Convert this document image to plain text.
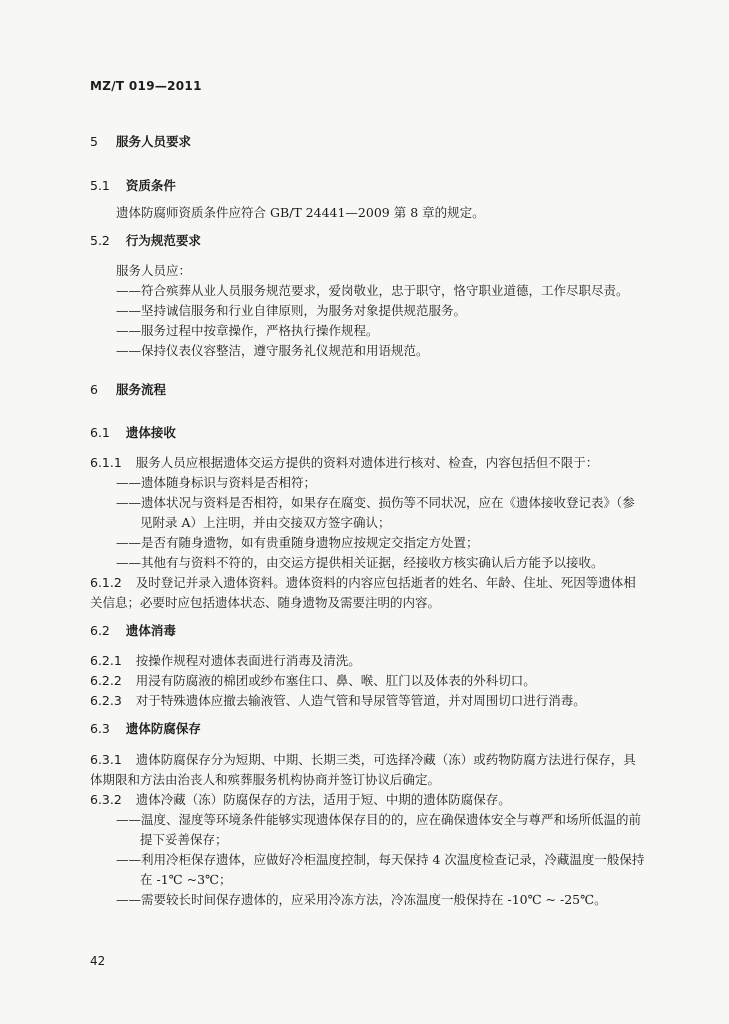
MZ/T 019—2011
5 服务人员要求
5.1 资质条件
遗体防腐师资质条件应符合 GB/T 24441—2009 第 8 章的规定。
5.2 行为规范要求
服务人员应：
——符合殡葬从业人员服务规范要求，爱岗敬业，忠于职守，恪守职业道德，工作尽职尽责。
——坚持诚信服务和行业自律原则，为服务对象提供规范服务。
——服务过程中按章操作，严格执行操作规程。
——保持仪表仪容整洁，遵守服务礼仪规范和用语规范。
6 服务流程
6.1 遗体接收
6.1.1 服务人员应根据遗体交运方提供的资料对遗体进行核对、检查，内容包括但不限于：
——遗体随身标识与资料是否相符；
——遗体状况与资料是否相符，如果存在腐变、损伤等不同状况，应在《遗体接收登记表》（参
见附录 A）上注明，并由交接双方签字确认；
——是否有随身遗物，如有贵重随身遗物应按规定交指定方处置；
——其他有与资料不符的，由交运方提供相关证据，经接收方核实确认后方能予以接收。
6.1.2 及时登记并录入遗体资料。遗体资料的内容应包括逝者的姓名、年龄、住址、死因等遗体相
关信息；必要时应包括遗体状态、随身遗物及需要注明的内容。
6.2 遗体消毒
6.2.1 按操作规程对遗体表面进行消毒及清洗。
6.2.2 用浸有防腐液的棉团或纱布塞住口、鼻、喉、肛门以及体表的外科切口。
6.2.3 对于特殊遗体应撤去输液管、人造气管和导尿管等管道，并对周围切口进行消毒。
6.3 遗体防腐保存
6.3.1 遗体防腐保存分为短期、中期、长期三类，可选择冷藏（冻）或药物防腐方法进行保存，具
体期限和方法由治丧人和殡葬服务机构协商并签订协议后确定。
6.3.2 遗体冷藏（冻）防腐保存的方法，适用于短、中期的遗体防腐保存。
——温度、湿度等环境条件能够实现遗体保存目的的，应在确保遗体安全与尊严和场所低温的前
提下妥善保存；
——利用冷柜保存遗体，应做好冷柜温度控制，每天保持 4 次温度检查记录，冷藏温度一般保持
在 -1℃ ~3℃；
——需要较长时间保存遗体的，应采用冷冻方法，冷冻温度一般保持在 -10℃ ~ -25℃。
42
